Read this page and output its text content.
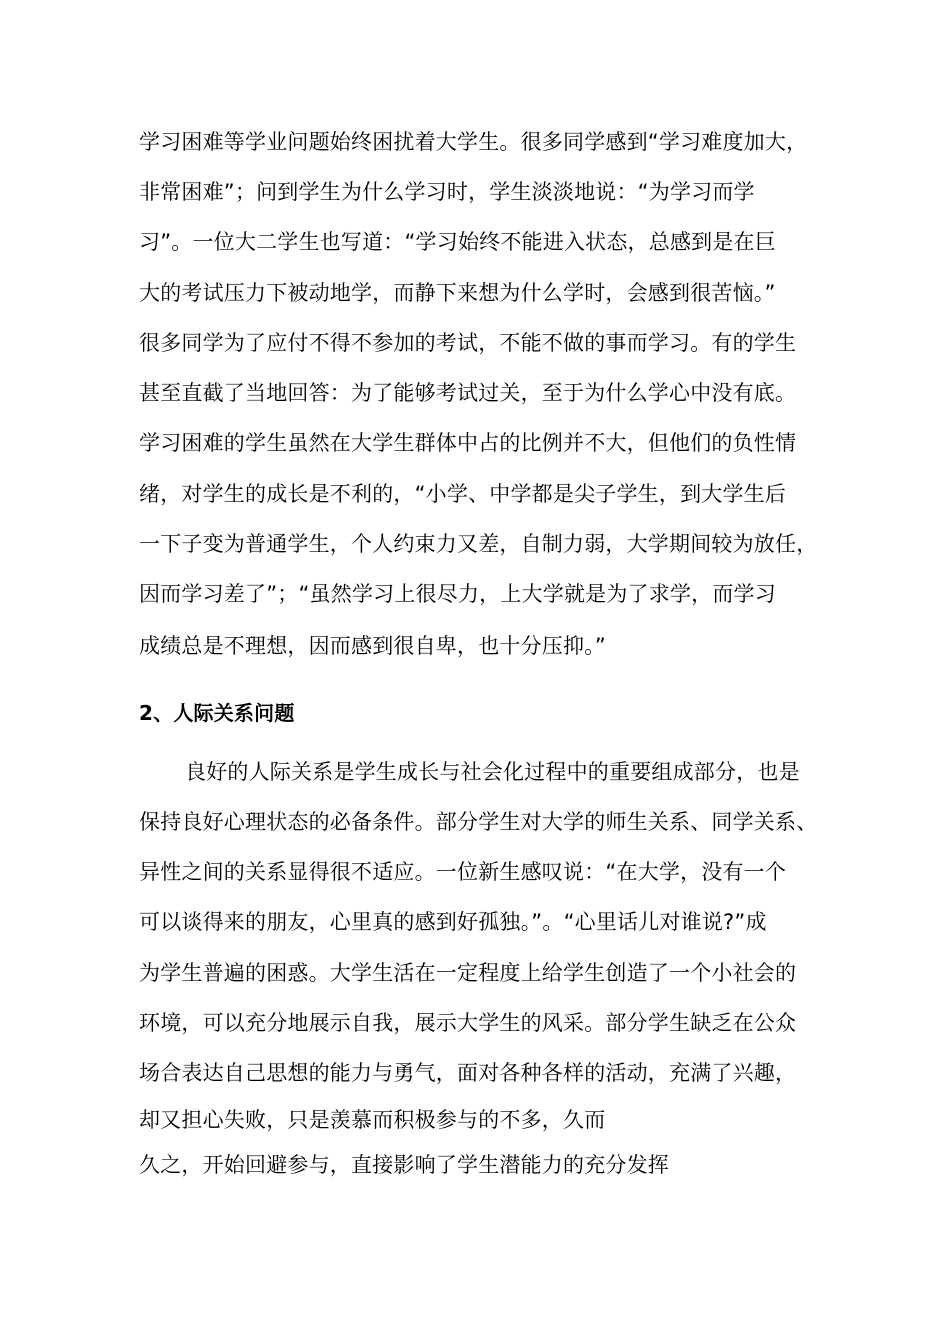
学习困难等学业问题始终困扰着大学生。很多同学感到“学习难度加大，
非常困难”；问到学生为什么学习时，学生淡淡地说：“为学习而学
习”。一位大二学生也写道：“学习始终不能进入状态，总感到是在巨
大的考试压力下被动地学，而静下来想为什么学时，会感到很苦恼。”
很多同学为了应付不得不参加的考试，不能不做的事而学习。有的学生
甚至直截了当地回答：为了能够考试过关，至于为什么学心中没有底。
学习困难的学生虽然在大学生群体中占的比例并不大，但他们的负性情
绪，对学生的成长是不利的，“小学、中学都是尖子学生，到大学生后
一下子变为普通学生，个人约束力又差，自制力弱，大学期间较为放任，
因而学习差了”；“虽然学习上很尽力，上大学就是为了求学，而学习
成绩总是不理想，因而感到很自卑，也十分压抑。”
2、人际关系问题
良好的人际关系是学生成长与社会化过程中的重要组成部分，也是
保持良好心理状态的必备条件。部分学生对大学的师生关系、同学关系、
异性之间的关系显得很不适应。一位新生感叹说：“在大学，没有一个
可以谈得来的朋友，心里真的感到好孤独。”。“心里话儿对谁说?”成
为学生普遍的困惑。大学生活在一定程度上给学生创造了一个小社会的
环境，可以充分地展示自我，展示大学生的风采。部分学生缺乏在公众
场合表达自己思想的能力与勇气，面对各种各样的活动，充满了兴趣，
却又担心失败，只是羡慕而积极参与的不多，久而
久之，开始回避参与，直接影响了学生潜能力的充分发挥
